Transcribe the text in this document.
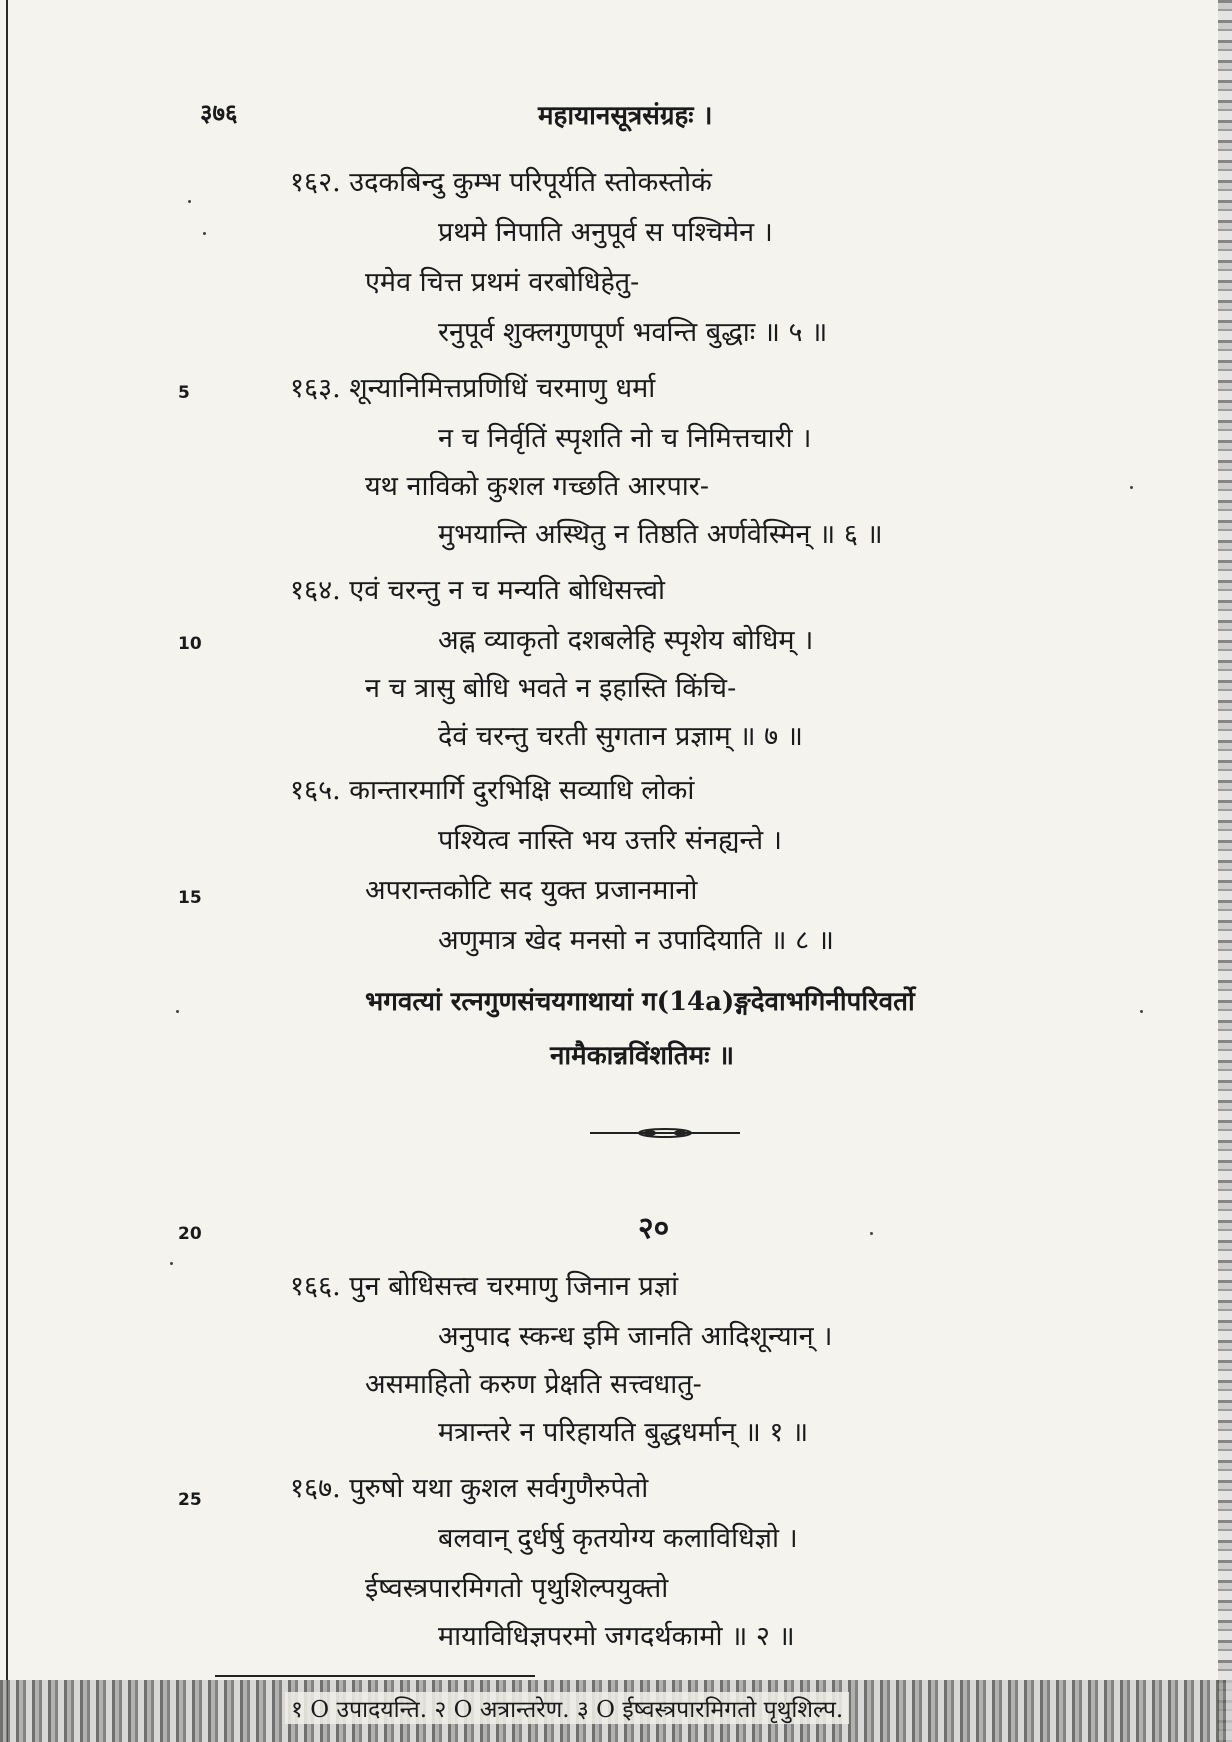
३७६	महायानसूत्रसंग्रहः ।
5
10
15
20
25
१६२. उदकबिन्दु कुम्भ परिपूर्यति स्तोकस्तोकं
प्रथमे निपाति अनुपूर्व स पश्चिमेन ।
एमेव चित्त प्रथमं वरबोधिहेतु-
रनुपूर्व शुक्लगुणपूर्ण भवन्ति बुद्धाः ॥ ५ ॥
१६३. शून्यानिमित्तप्रणिधिं चरमाणु धर्मा
न च निर्वृतिं स्पृशति नो च निमित्तचारी ।
यथ नाविको कुशल गच्छति आरपार-
मुभयान्ति अस्थितु न तिष्ठति अर्णवेस्मिन् ॥ ६ ॥
१६४. एवं चरन्तु न च मन्यति बोधिसत्त्वो
अह्न व्याकृतो दशबलेहि स्पृशेय बोधिम् ।
न च त्रासु बोधि भवते न इहास्ति किंचि-
देवं चरन्तु चरती सुगतान प्रज्ञाम् ॥ ७ ॥
१६५. कान्तारमार्गि दुरभिक्षि सव्याधि लोकां
पश्यित्व नास्ति भय उत्तरि संनह्यन्ते ।
अपरान्तकोटि सद युक्त प्रजानमानो
अणुमात्र खेद मनसो न उपादियाति ॥ ८ ॥
भगवत्यां रत्नगुणसंचयगाथायां ग(14a)ङ्गदेवाभगिनीपरिवर्तो
नामैकान्नविंशतिमः ॥
२०
१६६. पुन बोधिसत्त्व चरमाणु जिनान प्रज्ञां
अनुपाद स्कन्ध इमि जानति आदिशून्यान् ।
असमाहितो करुण प्रेक्षति सत्त्वधातु-
मत्रान्तरे न परिहायति बुद्धधर्मान् ॥ १ ॥
१६७. पुरुषो यथा कुशल सर्वगुणैरुपेतो
बलवान् दुर्धर्षु कृतयोग्य कलाविधिज्ञो ।
ईष्वस्त्रपारमिगतो पृथुशिल्पयुक्तो
मायाविधिज्ञपरमो जगदर्थकामो ॥ २ ॥
१ O उपादयन्ति. २ O अत्रान्तरेण. ३ O ईष्वस्त्रपारमिगतो पृथुशिल्प.
